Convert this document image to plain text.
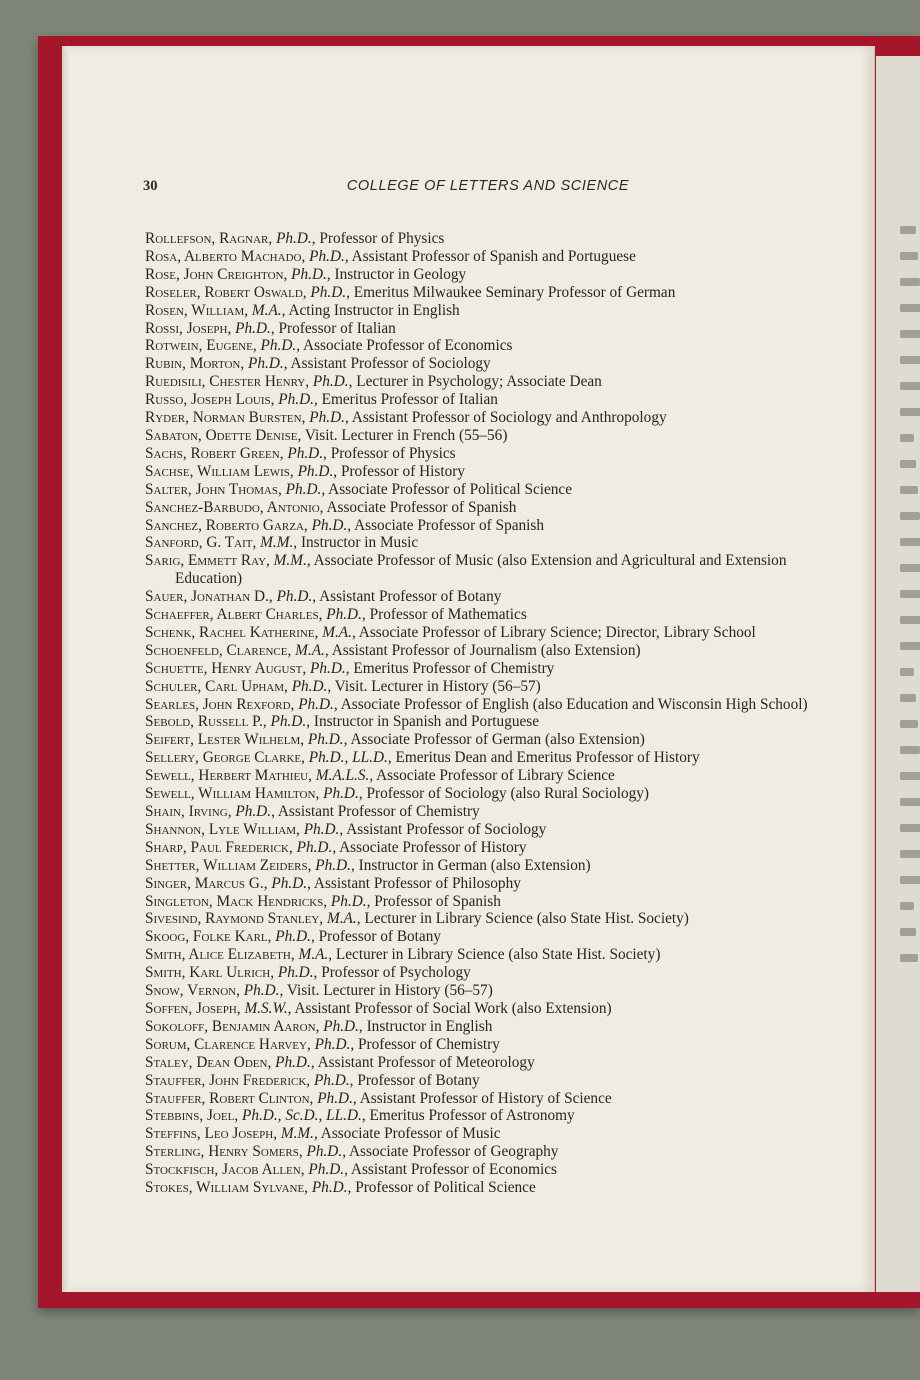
30	COLLEGE OF LETTERS AND SCIENCE

Rollefson, Ragnar, Ph.D., Professor of Physics

Rosa, Alberto Machado, Ph.D., Assistant Professor of Spanish and Portuguese

Rose, John Creighton, Ph.D., Instructor in Geology

Roseler, Robert Oswald, Ph.D., Emeritus Milwaukee Seminary Professor of German

Rosen, William, M.A., Acting Instructor in English

Rossi, Joseph, Ph.D., Professor of Italian

Rotwein, Eugene, Ph.D., Associate Professor of Economics

Rubin, Morton, Ph.D., Assistant Professor of Sociology

Ruedisili, Chester Henry, Ph.D., Lecturer in Psychology; Associate Dean

Russo, Joseph Louis, Ph.D., Emeritus Professor of Italian

Ryder, Norman Bursten, Ph.D., Assistant Professor of Sociology and Anthropology

Sabaton, Odette Denise, Visit. Lecturer in French (55–56)

Sachs, Robert Green, Ph.D., Professor of Physics

Sachse, William Lewis, Ph.D., Professor of History

Salter, John Thomas, Ph.D., Associate Professor of Political Science

Sanchez-Barbudo, Antonio, Associate Professor of Spanish

Sanchez, Roberto Garza, Ph.D., Associate Professor of Spanish

Sanford, G. Tait, M.M., Instructor in Music

Sarig, Emmett Ray, M.M., Associate Professor of Music (also Extension and Agricultural and Extension Education)

Sauer, Jonathan D., Ph.D., Assistant Professor of Botany

Schaeffer, Albert Charles, Ph.D., Professor of Mathematics

Schenk, Rachel Katherine, M.A., Associate Professor of Library Science; Director, Library School

Schoenfeld, Clarence, M.A., Assistant Professor of Journalism (also Extension)

Schuette, Henry August, Ph.D., Emeritus Professor of Chemistry

Schuler, Carl Upham, Ph.D., Visit. Lecturer in History (56–57)

Searles, John Rexford, Ph.D., Associate Professor of English (also Education and Wisconsin High School)

Sebold, Russell P., Ph.D., Instructor in Spanish and Portuguese

Seifert, Lester Wilhelm, Ph.D., Associate Professor of German (also Extension)

Sellery, George Clarke, Ph.D., LL.D., Emeritus Dean and Emeritus Professor of History

Sewell, Herbert Mathieu, M.A.L.S., Associate Professor of Library Science

Sewell, William Hamilton, Ph.D., Professor of Sociology (also Rural Sociology)

Shain, Irving, Ph.D., Assistant Professor of Chemistry

Shannon, Lyle William, Ph.D., Assistant Professor of Sociology

Sharp, Paul Frederick, Ph.D., Associate Professor of History

Shetter, William Zeiders, Ph.D., Instructor in German (also Extension)

Singer, Marcus G., Ph.D., Assistant Professor of Philosophy

Singleton, Mack Hendricks, Ph.D., Professor of Spanish

Sivesind, Raymond Stanley, M.A., Lecturer in Library Science (also State Hist. Society)

Skoog, Folke Karl, Ph.D., Professor of Botany

Smith, Alice Elizabeth, M.A., Lecturer in Library Science (also State Hist. Society)

Smith, Karl Ulrich, Ph.D., Professor of Psychology

Snow, Vernon, Ph.D., Visit. Lecturer in History (56–57)

Soffen, Joseph, M.S.W., Assistant Professor of Social Work (also Extension)

Sokoloff, Benjamin Aaron, Ph.D., Instructor in English

Sorum, Clarence Harvey, Ph.D., Professor of Chemistry

Staley, Dean Oden, Ph.D., Assistant Professor of Meteorology

Stauffer, John Frederick, Ph.D., Professor of Botany

Stauffer, Robert Clinton, Ph.D., Assistant Professor of History of Science

Stebbins, Joel, Ph.D., Sc.D., LL.D., Emeritus Professor of Astronomy

Steffins, Leo Joseph, M.M., Associate Professor of Music

Sterling, Henry Somers, Ph.D., Associate Professor of Geography

Stockfisch, Jacob Allen, Ph.D., Assistant Professor of Economics

Stokes, William Sylvane, Ph.D., Professor of Political Science
